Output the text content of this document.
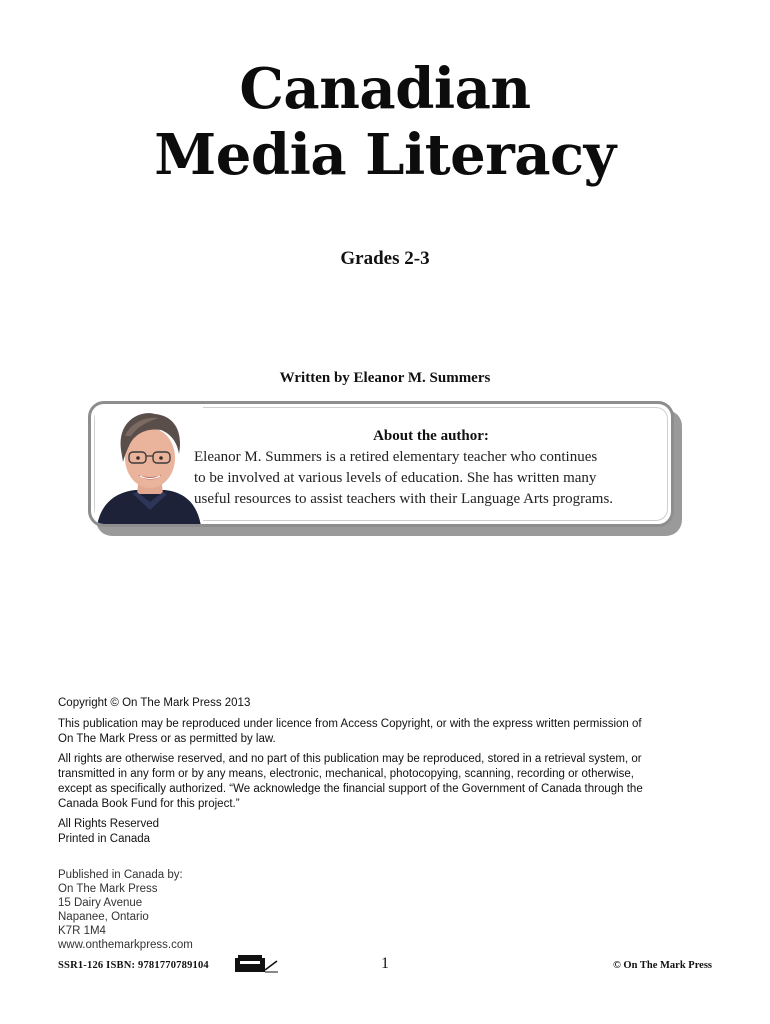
Canadian
Media Literacy
Grades 2-3
Written by Eleanor M. Summers
About the author:
Eleanor M. Summers is a retired elementary teacher who continues
to be involved at various levels of education. She has written many
useful resources to assist teachers with their Language Arts programs.

Copyright © On The Mark Press 2013

This publication may be reproduced under licence from Access Copyright, or with the express written permission of
On The Mark Press or as permitted by law.

All rights are otherwise reserved, and no part of this publication may be reproduced, stored in a retrieval system, or
transmitted in any form or by any means, electronic, mechanical, photocopying, scanning, recording or otherwise,
except as specifically authorized. “We acknowledge the financial support of the Government of Canada through the
Canada Book Fund for this project.”

All Rights Reserved
Printed in Canada

Published in Canada by:
On The Mark Press
15 Dairy Avenue
Napanee, Ontario
K7R 1M4
www.onthemarkpress.com
SSR1-126 ISBN: 9781770789104	1	© On The Mark Press
